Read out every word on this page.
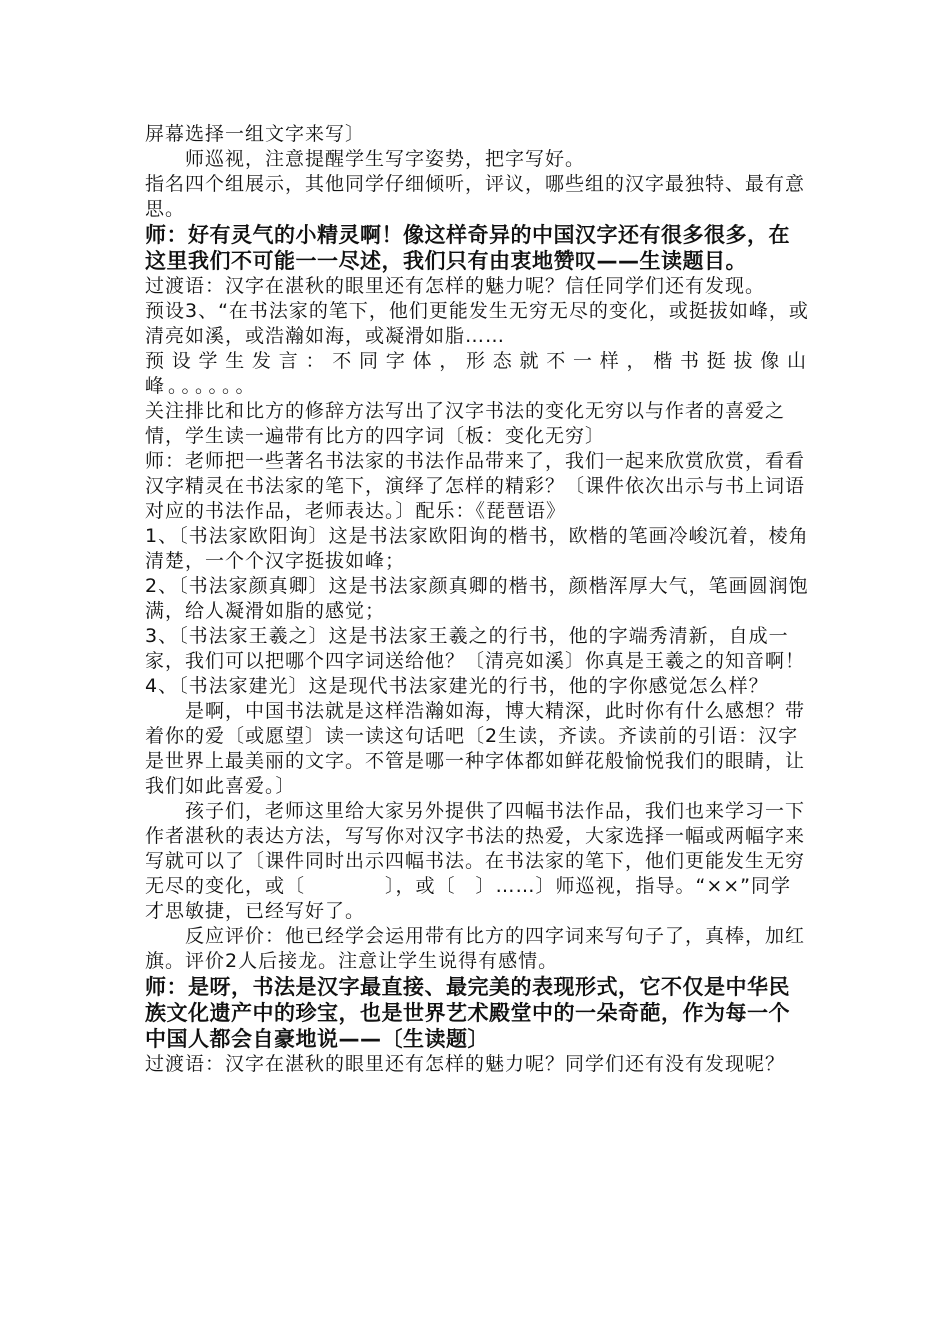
屏幕选择一组文字来写〕

师巡视，注意提醒学生写字姿势，把字写好。

指名四个组展示，其他同学仔细倾听，评议，哪些组的汉字最独特、最有意思。

师：好有灵气的小精灵啊！像这样奇异的中国汉字还有很多很多，在这里我们不可能一一尽述，我们只有由衷地赞叹——生读题目。

过渡语：汉字在湛秋的眼里还有怎样的魅力呢？信任同学们还有发现。

预设3、“在书法家的笔下，他们更能发生无穷无尽的变化，或挺拔如峰，或清亮如溪，或浩瀚如海，或凝滑如脂……

预设学生发言：不同字体，形态就不一样，楷书挺拔像山峰。。。。。。

关注排比和比方的修辞方法写出了汉字书法的变化无穷以与作者的喜爱之情，学生读一遍带有比方的四字词〔板：变化无穷〕

师：老师把一些著名书法家的书法作品带来了，我们一起来欣赏欣赏，看看汉字精灵在书法家的笔下，演绎了怎样的精彩？〔课件依次出示与书上词语对应的书法作品，老师表达。〕配乐：《琵琶语》

1、〔书法家欧阳询〕这是书法家欧阳询的楷书，欧楷的笔画冷峻沉着，棱角清楚，一个个汉字挺拔如峰；

2、〔书法家颜真卿〕这是书法家颜真卿的楷书，颜楷浑厚大气，笔画圆润饱满，给人凝滑如脂的感觉；

3、〔书法家王羲之〕这是书法家王羲之的行书，他的字端秀清新，自成一家，我们可以把哪个四字词送给他？〔清亮如溪〕你真是王羲之的知音啊！

4、〔书法家建光〕这是现代书法家建光的行书，他的字你感觉怎么样？

是啊，中国书法就是这样浩瀚如海，博大精深，此时你有什么感想？带着你的爱〔或愿望〕读一读这句话吧〔2生读，齐读。齐读前的引语：汉字是世界上最美丽的文字。不管是哪一种字体都如鲜花般愉悦我们的眼睛，让我们如此喜爱。〕

孩子们，老师这里给大家另外提供了四幅书法作品，我们也来学习一下作者湛秋的表达方法，写写你对汉字书法的热爱，大家选择一幅或两幅字来写就可以了〔课件同时出示四幅书法。在书法家的笔下，他们更能发生无穷无尽的变化，或〔　　　　〕，或〔　〕……〕师巡视，指导。“××”同学才思敏捷，已经写好了。

反应评价：他已经学会运用带有比方的四字词来写句子了，真棒，加红旗。评价2人后接龙。注意让学生说得有感情。

师：是呀，书法是汉字最直接、最完美的表现形式，它不仅是中华民族文化遗产中的珍宝，也是世界艺术殿堂中的一朵奇葩，作为每一个中国人都会自豪地说——〔生读题〕

过渡语：汉字在湛秋的眼里还有怎样的魅力呢？同学们还有没有发现呢？
